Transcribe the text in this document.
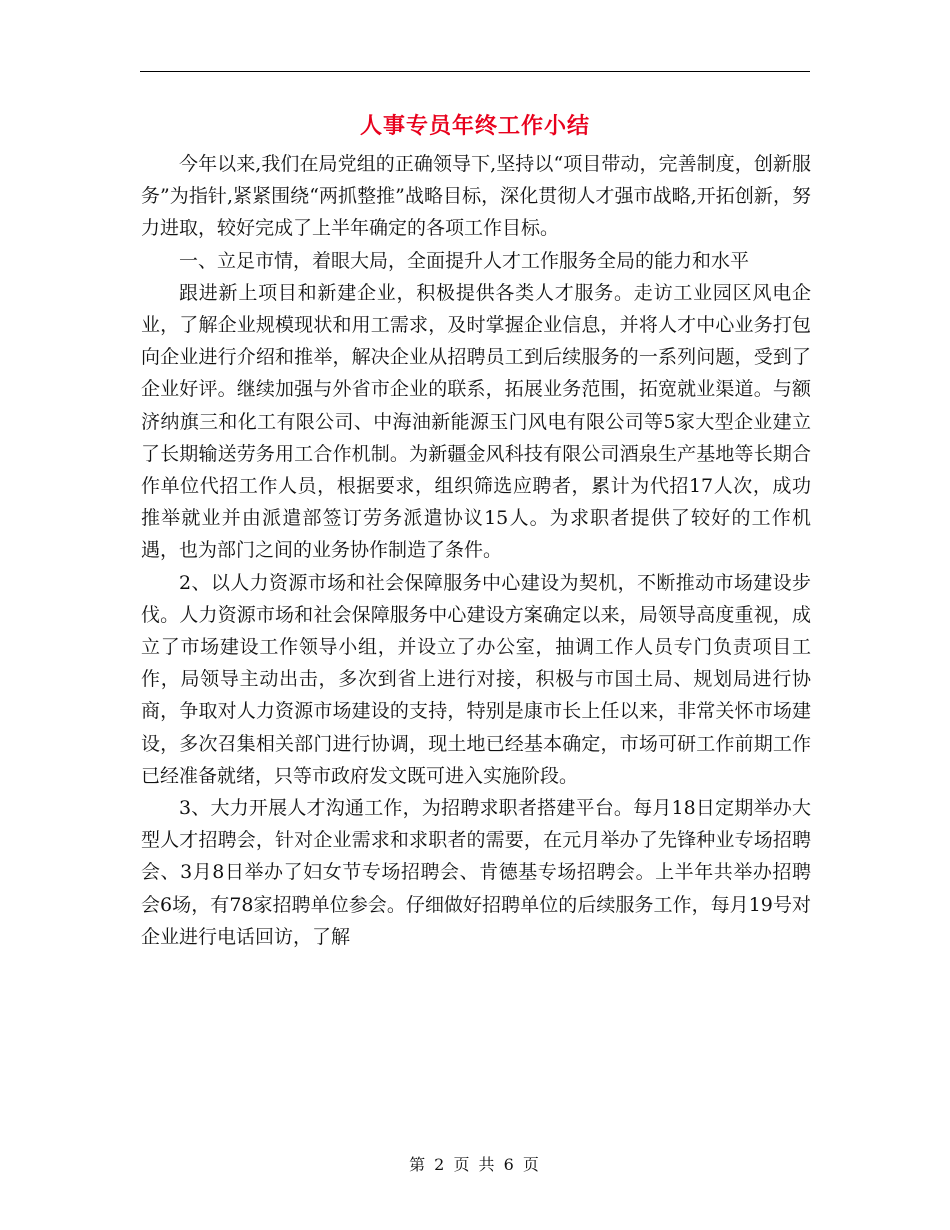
人事专员年终工作小结

今年以来,我们在局党组的正确领导下,坚持以“项目带动，完善制度，创新服务”为指针,紧紧围绕“两抓整推”战略目标，深化贯彻人才强市战略,开拓创新，努力进取，较好完成了上半年确定的各项工作目标。

一、立足市情，着眼大局，全面提升人才工作服务全局的能力和水平

跟进新上项目和新建企业，积极提供各类人才服务。走访工业园区风电企业，了解企业规模现状和用工需求，及时掌握企业信息，并将人才中心业务打包向企业进行介绍和推举，解决企业从招聘员工到后续服务的一系列问题，受到了企业好评。继续加强与外省市企业的联系，拓展业务范围，拓宽就业渠道。与额济纳旗三和化工有限公司、中海油新能源玉门风电有限公司等5家大型企业建立了长期输送劳务用工合作机制。为新疆金风科技有限公司酒泉生产基地等长期合作单位代招工作人员，根据要求，组织筛选应聘者，累计为代招17人次，成功推举就业并由派遣部签订劳务派遣协议15人。为求职者提供了较好的工作机遇，也为部门之间的业务协作制造了条件。

2、以人力资源市场和社会保障服务中心建设为契机，不断推动市场建设步伐。人力资源市场和社会保障服务中心建设方案确定以来，局领导高度重视，成立了市场建设工作领导小组，并设立了办公室，抽调工作人员专门负责项目工作，局领导主动出击，多次到省上进行对接，积极与市国土局、规划局进行协商，争取对人力资源市场建设的支持，特别是康市长上任以来，非常关怀市场建设，多次召集相关部门进行协调，现土地已经基本确定，市场可研工作前期工作已经准备就绪，只等市政府发文既可进入实施阶段。

3、大力开展人才沟通工作，为招聘求职者搭建平台。每月18日定期举办大型人才招聘会，针对企业需求和求职者的需要，在元月举办了先锋种业专场招聘会、3月8日举办了妇女节专场招聘会、肯德基专场招聘会。上半年共举办招聘会6场，有78家招聘单位参会。仔细做好招聘单位的后续服务工作，每月19号对企业进行电话回访，了解

第 2 页 共 6 页
